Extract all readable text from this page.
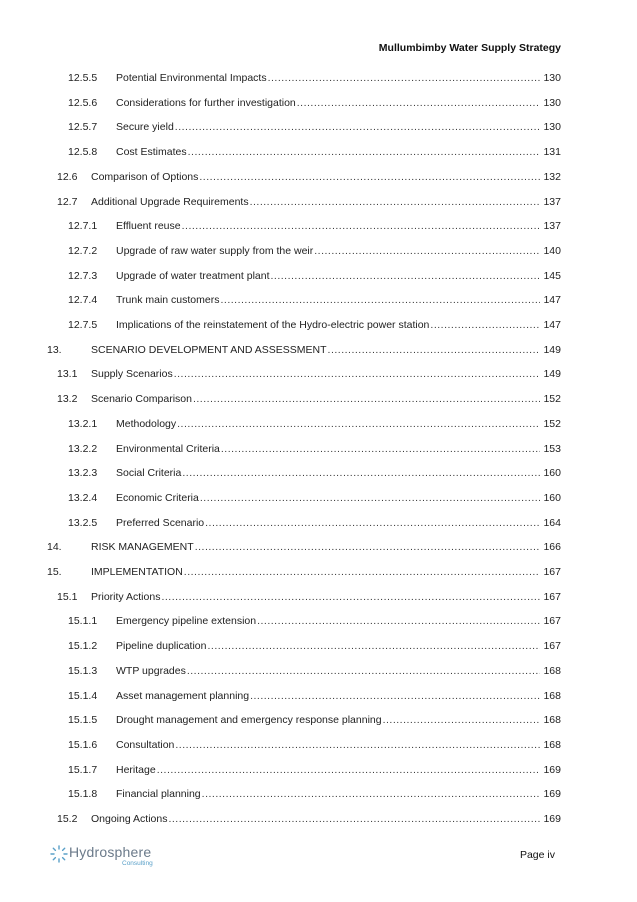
Mullumbimby Water Supply Strategy
12.5.5 Potential Environmental Impacts .....	130
12.5.6 Considerations for further investigation .....	130
12.5.7 Secure yield .....	130
12.5.8 Cost Estimates .....	131
12.6 Comparison of Options .....	132
12.7 Additional Upgrade Requirements .....	137
12.7.1 Effluent reuse .....	137
12.7.2 Upgrade of raw water supply from the weir .....	140
12.7.3 Upgrade of water treatment plant .....	145
12.7.4 Trunk main customers .....	147
12.7.5 Implications of the reinstatement of the Hydro-electric power station .....	147
13.	SCENARIO DEVELOPMENT AND ASSESSMENT .....	149
13.1 Supply Scenarios .....	149
13.2 Scenario Comparison .....	152
13.2.1 Methodology .....	152
13.2.2 Environmental Criteria .....	153
13.2.3 Social Criteria .....	160
13.2.4 Economic Criteria .....	160
13.2.5 Preferred Scenario .....	164
14.	RISK MANAGEMENT .....	166
15.	IMPLEMENTATION .....	167
15.1 Priority Actions .....	167
15.1.1 Emergency pipeline extension .....	167
15.1.2 Pipeline duplication .....	167
15.1.3 WTP upgrades .....	168
15.1.4 Asset management planning .....	168
15.1.5 Drought management and emergency response planning .....	168
15.1.6 Consultation .....	168
15.1.7 Heritage .....	169
15.1.8 Financial planning .....	169
15.2 Ongoing Actions .....	169
Hydrosphere
Consulting
Page iv
